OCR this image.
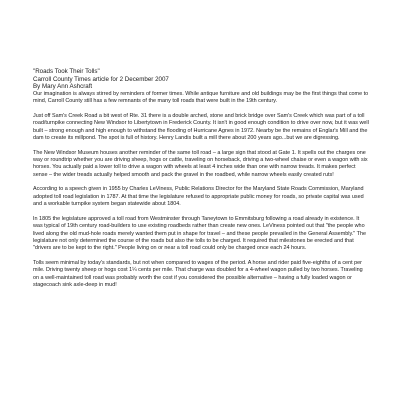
"Roads Took Their Tolls"
Carroll County Times article for 2 December 2007
By Mary Ann Ashcraft

Our imagination is always stirred by reminders of former times. While antique furniture and old buildings may be the first things that come to mind, Carroll County still has a few remnants of the many toll roads that were built in the 19th century.

Just off Sam's Creek Road a bit west of Rte. 31 there is a double arched, stone and brick bridge over Sam's Creek which was part of a toll road/turnpike connecting New Windsor to Libertytown in Frederick County. It isn't in good enough condition to drive over now, but it was well built – strong enough and high enough to withstand the flooding of Hurricane Agnes in 1972. Nearby be the remains of Englar's Mill and the dam to create its millpond. The spot is full of history. Henry Landis built a mill there about 200 years ago...but we are digressing.

The New Windsor Museum houses another reminder of the same toll road – a large sign that stood at Gate 1. It spells out the charges one way or roundtrip whether you are driving sheep, hogs or cattle, traveling on horseback, driving a two-wheel chaise or even a wagon with six horses. You actually paid a lower toll to drive a wagon with wheels at least 4 inches wide than one with narrow treads. It makes perfect sense – the wider treads actually helped smooth and pack the gravel in the roadbed, while narrow wheels easily created ruts!

According to a speech given in 1955 by Charles LeViness, Public Relations Director for the Maryland State Roads Commission, Maryland adopted toll road legislation in 1787. At that time the legislature refused to appropriate public money for roads, so private capital was used and a workable turnpike system began statewide about 1804.

In 1805 the legislature approved a toll road from Westminster through Taneytown to Emmitsburg following a road already in existence. It was typical of 19th century road-builders to use existing roadbeds rather than create new ones. LeViness pointed out that "the people who lived along the old mud-hole roads merely wanted them put in shape for travel – and these people prevailed in the General Assembly." The legislature not only determined the course of the roads but also the tolls to be charged. It required that milestones be erected and that "drivers are to be kept to the right." People living on or near a toll road could only be charged once each 24 hours.

Tolls seem minimal by today's standards, but not when compared to wages of the period. A horse and rider paid five-eighths of a cent per mile. Driving twenty sheep or hogs cost 1¼ cents per mile. That charge was doubled for a 4-wheel wagon pulled by two horses. Traveling on a well-maintained toll road was probably worth the cost if you considered the possible alternative – having a fully loaded wagon or stagecoach sink axle-deep in mud!
